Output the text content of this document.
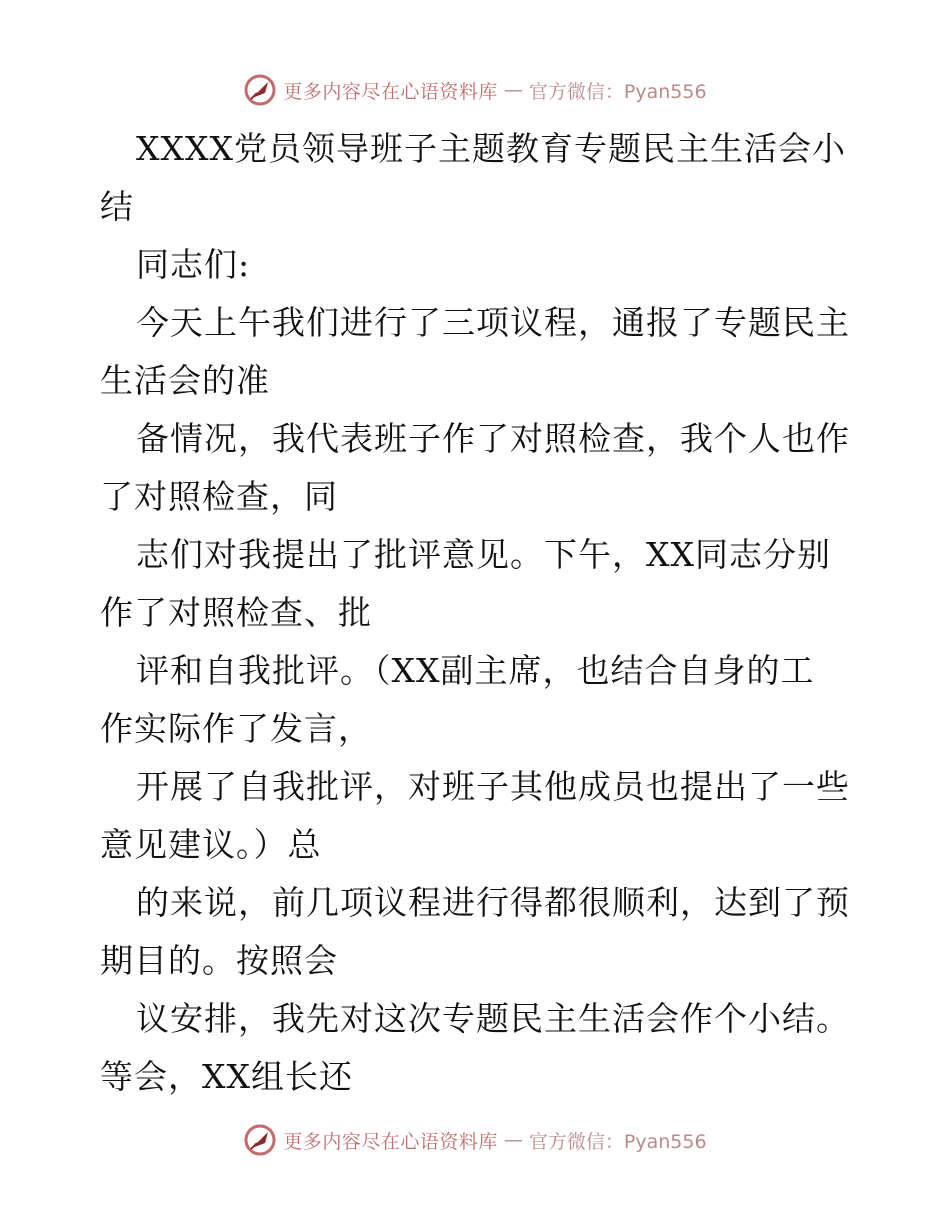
更多内容尽在心语资料库 — 官方微信：Pyan556
XXXX党员领导班子主题教育专题民主生活会小
结
同志们:
今天上午我们进行了三项议程，通报了专题民主
生活会的准
备情况，我代表班子作了对照检查，我个人也作
了对照检查，同
志们对我提出了批评意见。下午，XX同志分别
作了对照检查、批
评和自我批评。（XX副主席，也结合自身的工
作实际作了发言，
开展了自我批评，对班子其他成员也提出了一些
意见建议。）总
的来说，前几项议程进行得都很顺利，达到了预
期目的。按照会
议安排，我先对这次专题民主生活会作个小结。
等会，XX组长还
更多内容尽在心语资料库 — 官方微信：Pyan556
